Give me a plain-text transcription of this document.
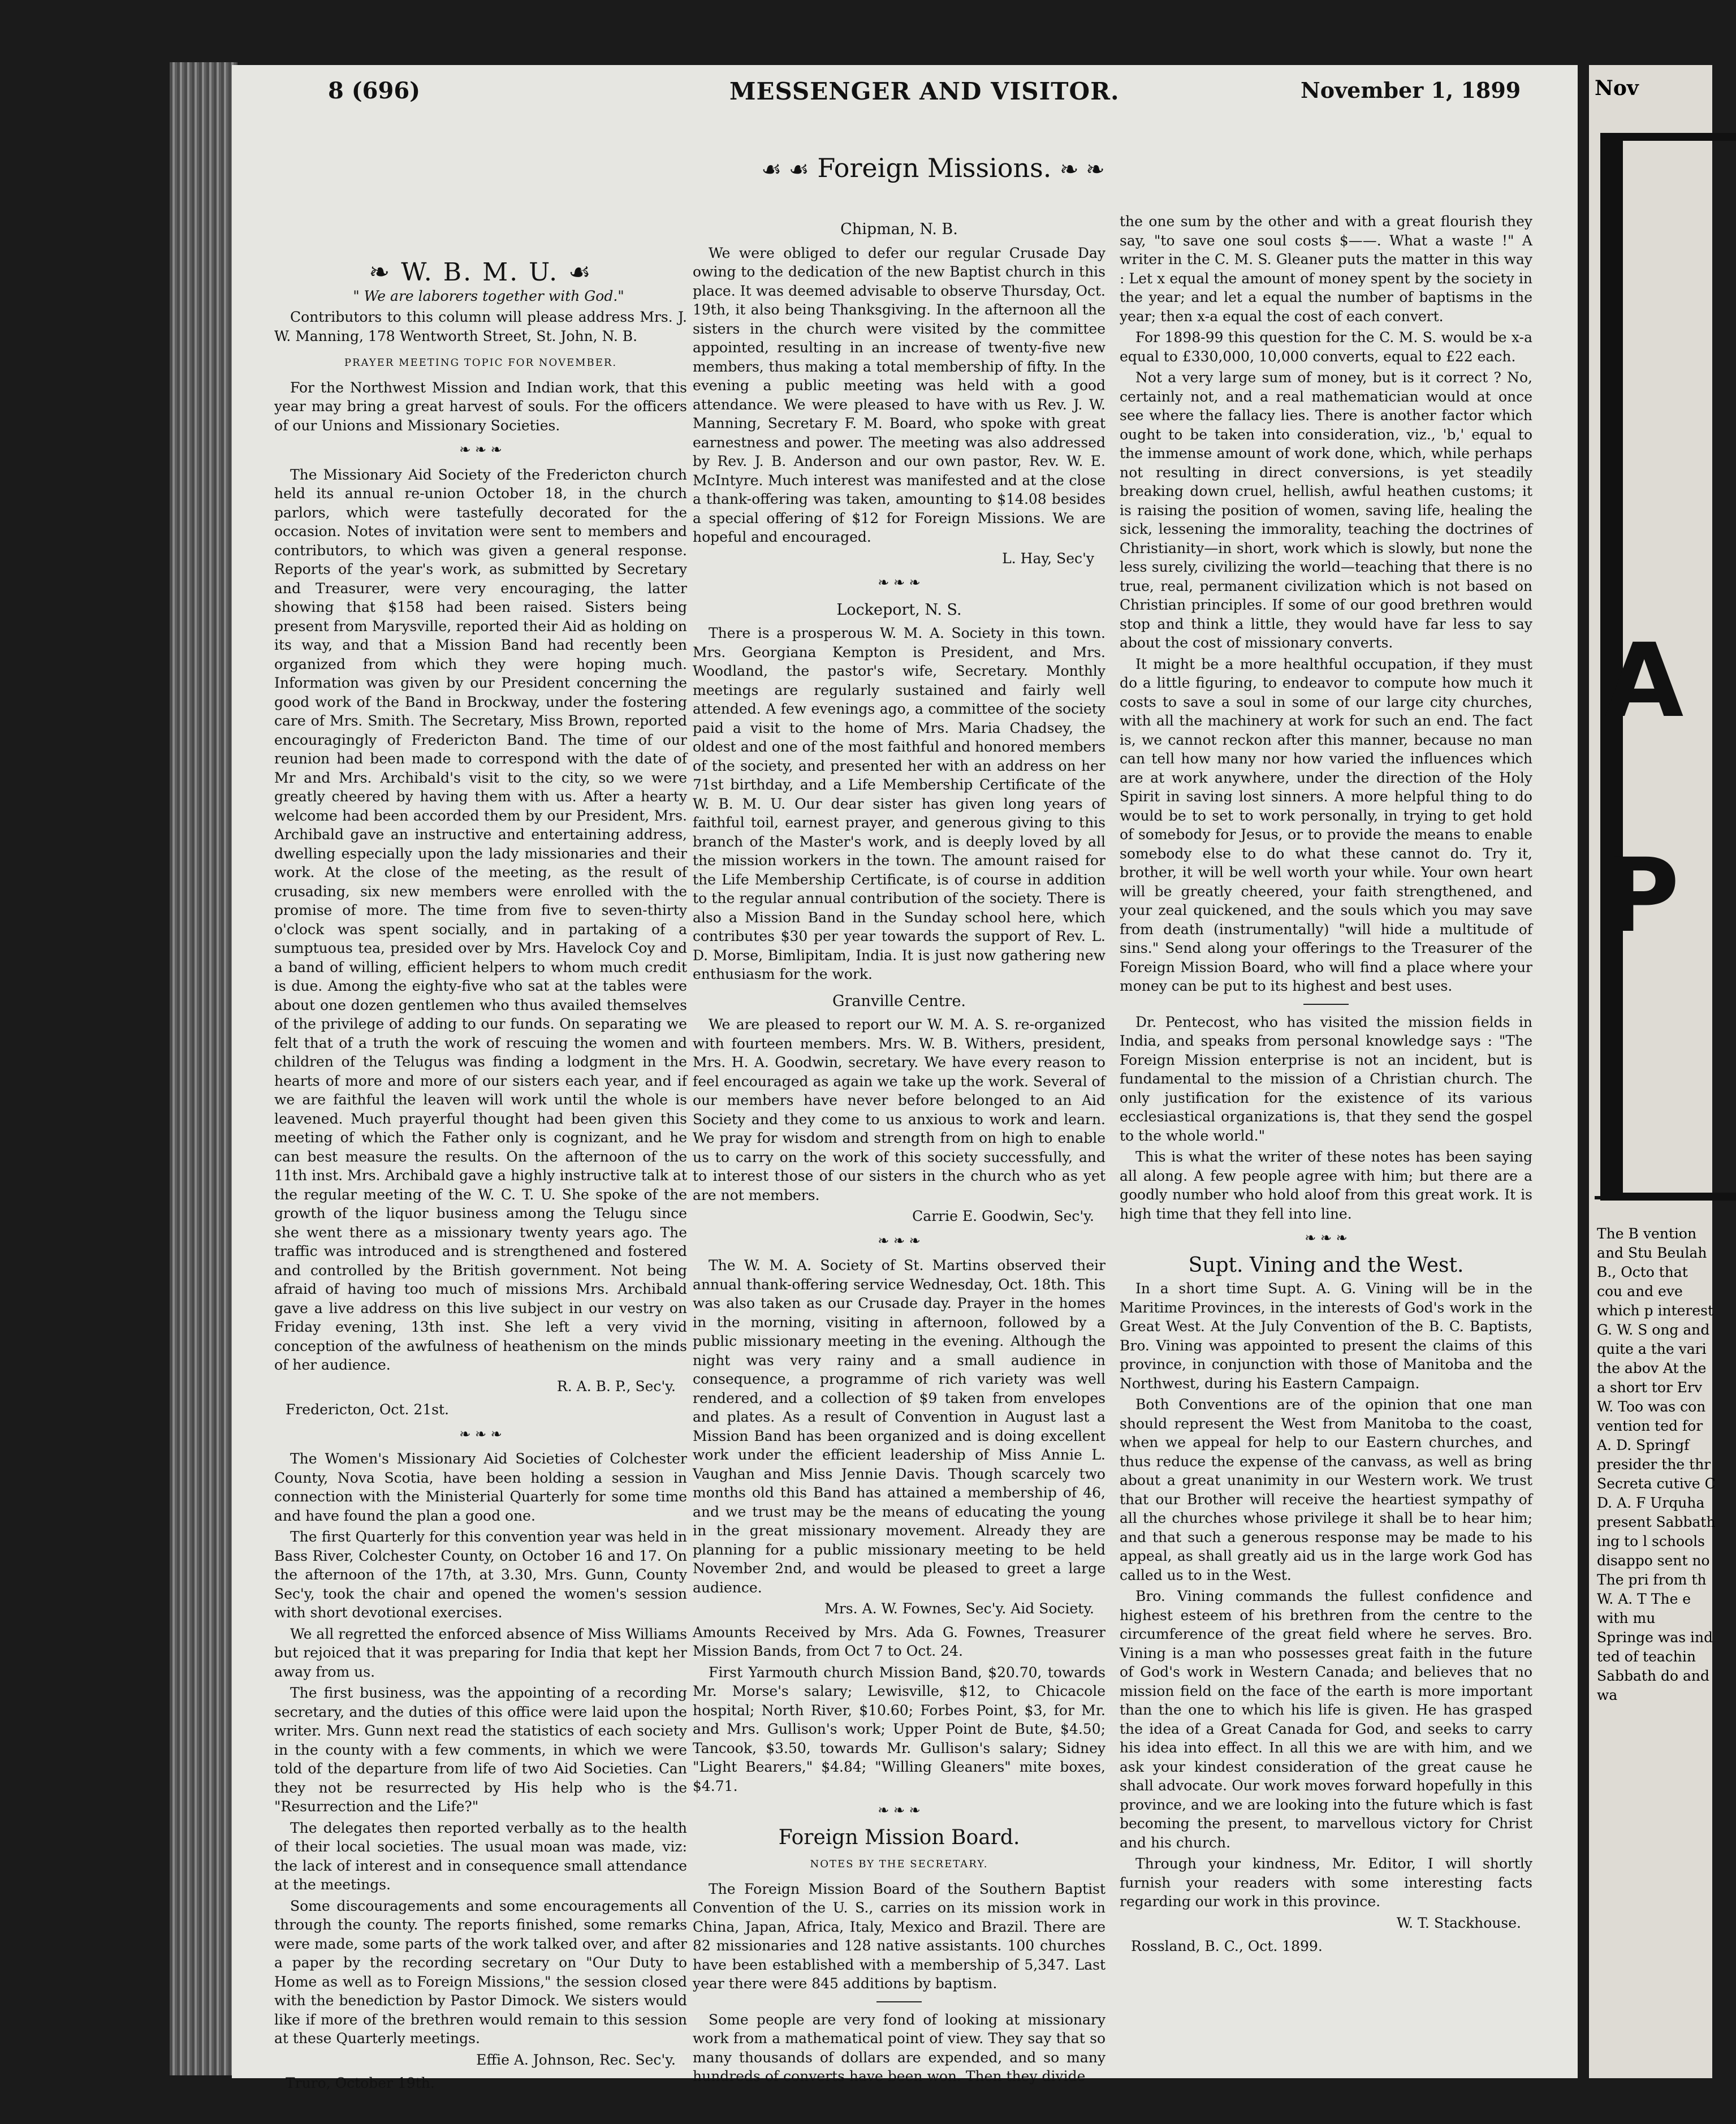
8 (696)	MESSENGER AND VISITOR.	November 1, 1899
☙ ☙ Foreign Missions. ❧ ❧
❧ W. B. M. U. ☙

" We are laborers together with God."

Contributors to this column will please address Mrs. J. W. Manning, 178 Wentworth Street, St. John, N. B.

PRAYER MEETING TOPIC FOR NOVEMBER.

For the Northwest Mission and Indian work, that this year may bring a great harvest of souls. For the officers of our Unions and Missionary Societies.

❧ ❧ ❧

The Missionary Aid Society of the Fredericton church held its annual re-union October 18, in the church parlors, which were tastefully decorated for the occasion. Notes of invitation were sent to members and contributors, to which was given a general response. Reports of the year's work, as submitted by Secretary and Treasurer, were very encouraging, the latter showing that $158 had been raised. Sisters being present from Marysville, reported their Aid as holding on its way, and that a Mission Band had recently been organized from which they were hoping much. Information was given by our President concerning the good work of the Band in Brockway, under the fostering care of Mrs. Smith. The Secretary, Miss Brown, reported encouragingly of Fredericton Band. The time of our reunion had been made to correspond with the date of Mr and Mrs. Archibald's visit to the city, so we were greatly cheered by having them with us. After a hearty welcome had been accorded them by our President, Mrs. Archibald gave an instructive and entertaining address, dwelling especially upon the lady missionaries and their work. At the close of the meeting, as the result of crusading, six new members were enrolled with the promise of more. The time from five to seven-thirty o'clock was spent socially, and in partaking of a sumptuous tea, presided over by Mrs. Havelock Coy and a band of willing, efficient helpers to whom much credit is due. Among the eighty-five who sat at the tables were about one dozen gentlemen who thus availed themselves of the privilege of adding to our funds. On separating we felt that of a truth the work of rescuing the women and children of the Telugus was finding a lodgment in the hearts of more and more of our sisters each year, and if we are faithful the leaven will work until the whole is leavened. Much prayerful thought had been given this meeting of which the Father only is cognizant, and he can best measure the results. On the afternoon of the 11th inst. Mrs. Archibald gave a highly instructive talk at the regular meeting of the W. C. T. U. She spoke of the growth of the liquor business among the Telugu since she went there as a missionary twenty years ago. The traffic was introduced and is strengthened and fostered and controlled by the British government. Not being afraid of having too much of missions Mrs. Archibald gave a live address on this live subject in our vestry on Friday evening, 13th inst. She left a very vivid conception of the awfulness of heathenism on the minds of her audience.

R. A. B. P., Sec'y.
Fredericton, Oct. 21st.
❧ ❧ ❧

The Women's Missionary Aid Societies of Colchester County, Nova Scotia, have been holding a session in connection with the Ministerial Quarterly for some time and have found the plan a good one.

The first Quarterly for this convention year was held in Bass River, Colchester County, on October 16 and 17. On the afternoon of the 17th, at 3.30, Mrs. Gunn, County Sec'y, took the chair and opened the women's session with short devotional exercises.

We all regretted the enforced absence of Miss Williams but rejoiced that it was preparing for India that kept her away from us.

The first business, was the appointing of a recording secretary, and the duties of this office were laid upon the writer. Mrs. Gunn next read the statistics of each society in the county with a few comments, in which we were told of the departure from life of two Aid Societies. Can they not be resurrected by His help who is the "Resurrection and the Life?"

The delegates then reported verbally as to the health of their local societies. The usual moan was made, viz: the lack of interest and in consequence small attendance at the meetings.

Some discouragements and some encouragements all through the county. The reports finished, some remarks were made, some parts of the work talked over, and after a paper by the recording secretary on "Our Duty to Home as well as to Foreign Missions," the session closed with the benediction by Pastor Dimock. We sisters would like if more of the brethren would remain to this session at these Quarterly meetings.

Effie A. Johnson, Rec. Sec'y.
Truro, October 19th.
Chipman, N. B.

We were obliged to defer our regular Crusade Day owing to the dedication of the new Baptist church in this place. It was deemed advisable to observe Thursday, Oct. 19th, it also being Thanksgiving. In the afternoon all the sisters in the church were visited by the committee appointed, resulting in an increase of twenty-five new members, thus making a total membership of fifty. In the evening a public meeting was held with a good attendance. We were pleased to have with us Rev. J. W. Manning, Secretary F. M. Board, who spoke with great earnestness and power. The meeting was also addressed by Rev. J. B. Anderson and our own pastor, Rev. W. E. McIntyre. Much interest was manifested and at the close a thank-offering was taken, amounting to $14.08 besides a special offering of $12 for Foreign Missions. We are hopeful and encouraged.

L. Hay, Sec'y
❧ ❧ ❧
Lockeport, N. S.

There is a prosperous W. M. A. Society in this town. Mrs. Georgiana Kempton is President, and Mrs. Woodland, the pastor's wife, Secretary. Monthly meetings are regularly sustained and fairly well attended. A few evenings ago, a committee of the society paid a visit to the home of Mrs. Maria Chadsey, the oldest and one of the most faithful and honored members of the society, and presented her with an address on her 71st birthday, and a Life Membership Certificate of the W. B. M. U. Our dear sister has given long years of faithful toil, earnest prayer, and generous giving to this branch of the Master's work, and is deeply loved by all the mission workers in the town. The amount raised for the Life Membership Certificate, is of course in addition to the regular annual contribution of the society. There is also a Mission Band in the Sunday school here, which contributes $30 per year towards the support of Rev. L. D. Morse, Bimlipitam, India. It is just now gathering new enthusiasm for the work.

Granville Centre.

We are pleased to report our W. M. A. S. re-organized with fourteen members. Mrs. W. B. Withers, president, Mrs. H. A. Goodwin, secretary. We have every reason to feel encouraged as again we take up the work. Several of our members have never before belonged to an Aid Society and they come to us anxious to work and learn. We pray for wisdom and strength from on high to enable us to carry on the work of this society successfully, and to interest those of our sisters in the church who as yet are not members.

Carrie E. Goodwin, Sec'y.
❧ ❧ ❧

The W. M. A. Society of St. Martins observed their annual thank-offering service Wednesday, Oct. 18th. This was also taken as our Crusade day. Prayer in the homes in the morning, visiting in afternoon, followed by a public missionary meeting in the evening. Although the night was very rainy and a small audience in consequence, a programme of rich variety was well rendered, and a collection of $9 taken from envelopes and plates. As a result of Convention in August last a Mission Band has been organized and is doing excellent work under the efficient leadership of Miss Annie L. Vaughan and Miss Jennie Davis. Though scarcely two months old this Band has attained a membership of 46, and we trust may be the means of educating the young in the great missionary movement. Already they are planning for a public missionary meeting to be held November 2nd, and would be pleased to greet a large audience.

Mrs. A. W. Fownes, Sec'y. Aid Society.

Amounts Received by Mrs. Ada G. Fownes, Treasurer Mission Bands, from Oct 7 to Oct. 24.

First Yarmouth church Mission Band, $20.70, towards Mr. Morse's salary; Lewisville, $12, to Chicacole hospital; North River, $10.60; Forbes Point, $3, for Mr. and Mrs. Gullison's work; Upper Point de Bute, $4.50; Tancook, $3.50, towards Mr. Gullison's salary; Sidney "Light Bearers," $4.84; "Willing Gleaners" mite boxes, $4.71.

❧ ❧ ❧
Foreign Mission Board.
NOTES BY THE SECRETARY.

The Foreign Mission Board of the Southern Baptist Convention of the U. S., carries on its mission work in China, Japan, Africa, Italy, Mexico and Brazil. There are 82 missionaries and 128 native assistants. 100 churches have been established with a membership of 5,347. Last year there were 845 additions by baptism.

Some people are very fond of looking at missionary work from a mathematical point of view. They say that so many thousands of dollars are expended, and so many hundreds of converts have been won. Then they divide

the one sum by the other and with a great flourish they say, "to save one soul costs $——. What a waste !" A writer in the C. M. S. Gleaner puts the matter in this way : Let x equal the amount of money spent by the society in the year; and let a equal the number of baptisms in the year; then x-a equal the cost of each convert.

For 1898-99 this question for the C. M. S. would be x-a equal to £330,000, 10,000 converts, equal to £22 each.

Not a very large sum of money, but is it correct ? No, certainly not, and a real mathematician would at once see where the fallacy lies. There is another factor which ought to be taken into consideration, viz., 'b,' equal to the immense amount of work done, which, while perhaps not resulting in direct conversions, is yet steadily breaking down cruel, hellish, awful heathen customs; it is raising the position of women, saving life, healing the sick, lessening the immorality, teaching the doctrines of Christianity—in short, work which is slowly, but none the less surely, civilizing the world—teaching that there is no true, real, permanent civilization which is not based on Christian principles. If some of our good brethren would stop and think a little, they would have far less to say about the cost of missionary converts.

It might be a more healthful occupation, if they must do a little figuring, to endeavor to compute how much it costs to save a soul in some of our large city churches, with all the machinery at work for such an end. The fact is, we cannot reckon after this manner, because no man can tell how many nor how varied the influences which are at work anywhere, under the direction of the Holy Spirit in saving lost sinners. A more helpful thing to do would be to set to work personally, in trying to get hold of somebody for Jesus, or to provide the means to enable somebody else to do what these cannot do. Try it, brother, it will be well worth your while. Your own heart will be greatly cheered, your faith strengthened, and your zeal quickened, and the souls which you may save from death (instrumentally) "will hide a multitude of sins." Send along your offerings to the Treasurer of the Foreign Mission Board, who will find a place where your money can be put to its highest and best uses.

Dr. Pentecost, who has visited the mission fields in India, and speaks from personal knowledge says : "The Foreign Mission enterprise is not an incident, but is fundamental to the mission of a Christian church. The only justification for the existence of its various ecclesiastical organizations is, that they send the gospel to the whole world."

This is what the writer of these notes has been saying all along. A few people agree with him; but there are a goodly number who hold aloof from this great work. It is high time that they fell into line.

❧ ❧ ❧
Supt. Vining and the West.

In a short time Supt. A. G. Vining will be in the Maritime Provinces, in the interests of God's work in the Great West. At the July Convention of the B. C. Baptists, Bro. Vining was appointed to present the claims of this province, in conjunction with those of Manitoba and the Northwest, during his Eastern Campaign.

Both Conventions are of the opinion that one man should represent the West from Manitoba to the coast, when we appeal for help to our Eastern churches, and thus reduce the expense of the canvass, as well as bring about a great unanimity in our Western work. We trust that our Brother will receive the heartiest sympathy of all the churches whose privilege it shall be to hear him; and that such a generous response may be made to his appeal, as shall greatly aid us in the large work God has called us to in the West.

Bro. Vining commands the fullest confidence and highest esteem of his brethren from the centre to the circumference of the great field where he serves. Bro. Vining is a man who possesses great faith in the future of God's work in Western Canada; and believes that no mission field on the face of the earth is more important than the one to which his life is given. He has grasped the idea of a Great Canada for God, and seeks to carry his idea into effect. In all this we are with him, and we ask your kindest consideration of the great cause he shall advocate. Our work moves forward hopefully in this province, and we are looking into the future which is fast becoming the present, to marvellous victory for Christ and his church.

Through your kindness, Mr. Editor, I will shortly furnish your readers with some interesting facts regarding our work in this province.

W. T. Stackhouse.
Rossland, B. C., Oct. 1899.
Nov
A
P
The B vention and Stu Beulah B., Octo that cou and eve which p interest G. W. S ong and quite a the vari the abov At the a short tor Erv W. Too was con vention ted for A. D. Springf presider the thr Secreta cutive C D. A. F Urquha present Sabbath ing to l schools disappo sent no The pri from th W. A. T The e with mu Springe was ind ted of teachin Sabbath do and wa
